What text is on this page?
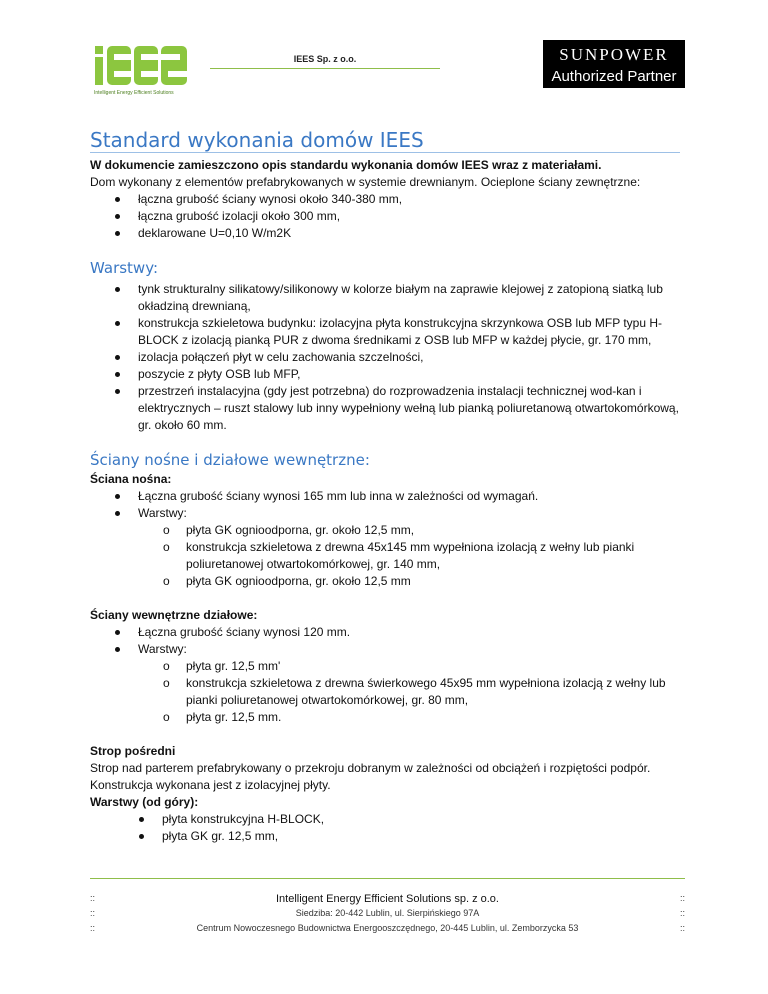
Intelligent Energy Efficient Solutions
IEES Sp. z o.o.	SUNPOWER
Authorized Partner
Standard wykonania domów IEES

W dokumencie zamieszczono opis standardu wykonania domów IEES wraz z materiałami.

Dom wykonany z elementów prefabrykowanych w systemie drewnianym. Ocieplone ściany zewnętrzne:

łączna grubość ściany wynosi około 340-380 mm,
łączna grubość izolacji około 300 mm,
deklarowane U=0,10 W/m2K
Warstwy:
tynk strukturalny silikatowy/silikonowy w kolorze białym na zaprawie klejowej z zatopioną siatką lub okładziną drewnianą,
konstrukcja szkieletowa budynku: izolacyjna płyta konstrukcyjna skrzynkowa OSB lub MFP typu H-BLOCK z izolacją pianką PUR z dwoma średnikami z OSB lub MFP w każdej płycie, gr. 170 mm,
izolacja połączeń płyt w celu zachowania szczelności,
poszycie z płyty OSB lub MFP,
przestrzeń instalacyjna (gdy jest potrzebna) do rozprowadzenia instalacji technicznej wod-kan i elektrycznych – ruszt stalowy lub inny wypełniony wełną lub pianką poliuretanową otwartokomórkową, gr. około 60 mm.
Ściany nośne i działowe wewnętrzne:

Ściana nośna:

Łączna grubość ściany wynosi 165 mm lub inna w zależności od wymagań.
Warstwy:
o płyta GK ognioodporna, gr. około 12,5 mm,
o konstrukcja szkieletowa z drewna 45x145 mm wypełniona izolacją z wełny lub pianki poliuretanowej otwartokomórkowej, gr. 140 mm,
o płyta GK ognioodporna, gr. około 12,5 mm

Ściany wewnętrzne działowe:

Łączna grubość ściany wynosi 120 mm.
Warstwy:
o płyta gr. 12,5 mm'
o konstrukcja szkieletowa z drewna świerkowego 45x95 mm wypełniona izolacją z wełny lub pianki poliuretanowej otwartokomórkowej, gr. 80 mm,
o płyta gr. 12,5 mm.

Strop pośredni

Strop nad parterem prefabrykowany o przekroju dobranym w zależności od obciążeń i rozpiętości podpór.

Konstrukcja wykonana jest z izolacyjnej płyty.

Warstwy (od góry):

płyta konstrukcyjna H-BLOCK,
płyta GK gr. 12,5 mm,
::	Intelligent Energy Efficient Solutions sp. z o.o.	::
::	Siedziba: 20-442 Lublin, ul. Sierpińskiego 97A	::
::	Centrum Nowoczesnego Budownictwa Energooszczędnego, 20-445 Lublin, ul. Zemborzycka 53	::
